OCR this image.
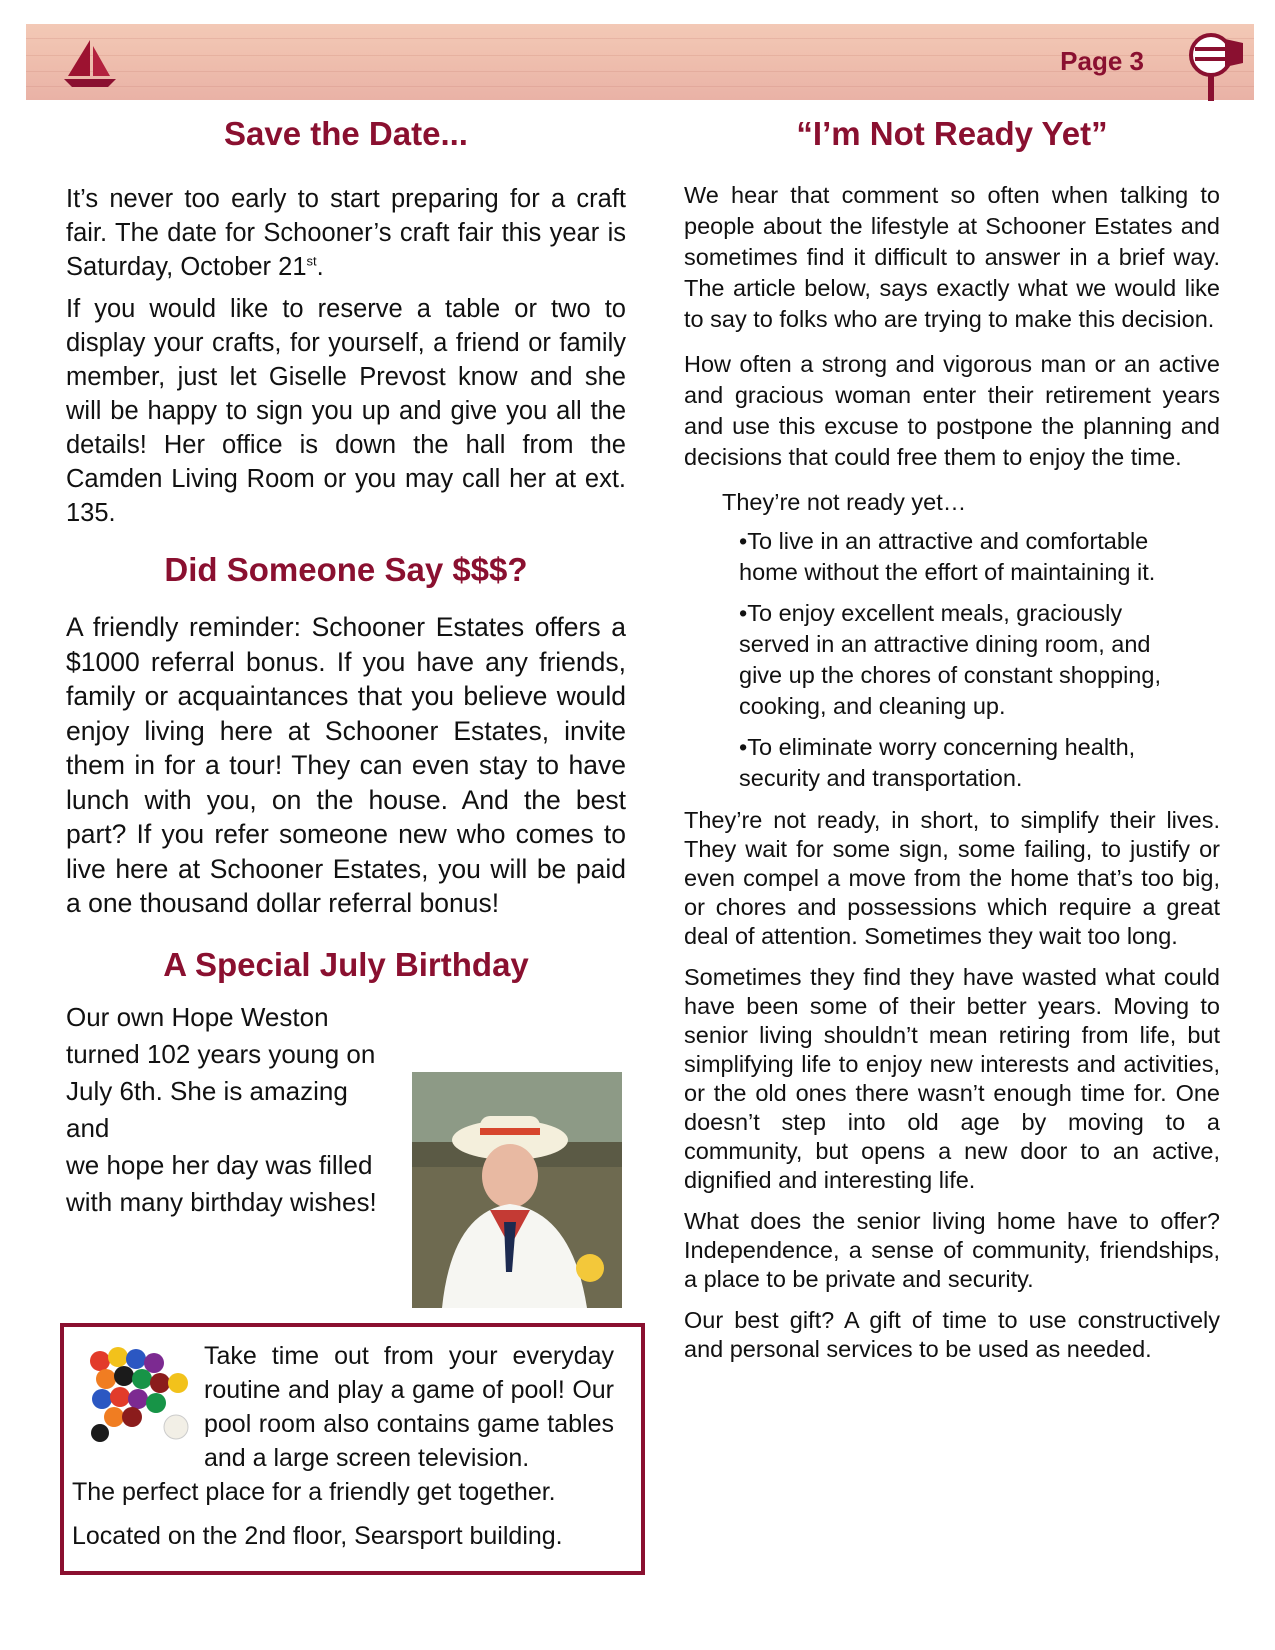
Page 3
Save the Date...

It’s never too early to start preparing for a craft fair. The date for Schooner’s craft fair this year is Saturday, October 21st.

If you would like to reserve a table or two to display your crafts, for yourself, a friend or family member, just let Giselle Prevost know and she will be happy to sign you up and give you all the details! Her office is down the hall from the Camden Living Room or you may call her at ext. 135.

Did Someone Say $$$?

A friendly reminder: Schooner Estates offers a $1000 referral bonus. If you have any friends, family or acquaintances that you believe would enjoy living here at Schooner Estates, invite them in for a tour! They can even stay to have lunch with you, on the house. And the best part? If you refer someone new who comes to live here at Schooner Estates, you will be paid a one thousand dollar referral bonus!

A Special July Birthday
Our own Hope Weston
turned 102 years young on
July 6th. She is amazing and
we hope her day was filled
with many birthday wishes!

Take time out from your everyday routine and play a game of pool! Our pool room also contains game tables and a large screen television.

The perfect place for a friendly get together.

Located on the 2nd floor, Searsport building.

“I’m Not Ready Yet”

We hear that comment so often when talking to people about the lifestyle at Schooner Estates and sometimes find it difficult to answer in a brief way. The article below, says exactly what we would like to say to folks who are trying to make this decision.

How often a strong and vigorous man or an active and gracious woman enter their retirement years and use this excuse to postpone the planning and decisions that could free them to enjoy the time.

They’re not ready yet…

•To live in an attractive and comfortable home without the effort of maintaining it.

•To enjoy excellent meals, graciously served in an attractive dining room, and give up the chores of constant shopping, cooking, and cleaning up.

•To eliminate worry concerning health, security and transportation.

They’re not ready, in short, to simplify their lives. They wait for some sign, some failing, to justify or even compel a move from the home that’s too big, or chores and possessions which require a great deal of attention. Sometimes they wait too long.

Sometimes they find they have wasted what could have been some of their better years. Moving to senior living shouldn’t mean retiring from life, but simplifying life to enjoy new interests and activities, or the old ones there wasn’t enough time for. One doesn’t step into old age by moving to a community, but opens a new door to an active, dignified and interesting life.

What does the senior living home have to offer? Independence, a sense of community, friendships, a place to be private and security.

Our best gift? A gift of time to use constructively and personal services to be used as needed.
